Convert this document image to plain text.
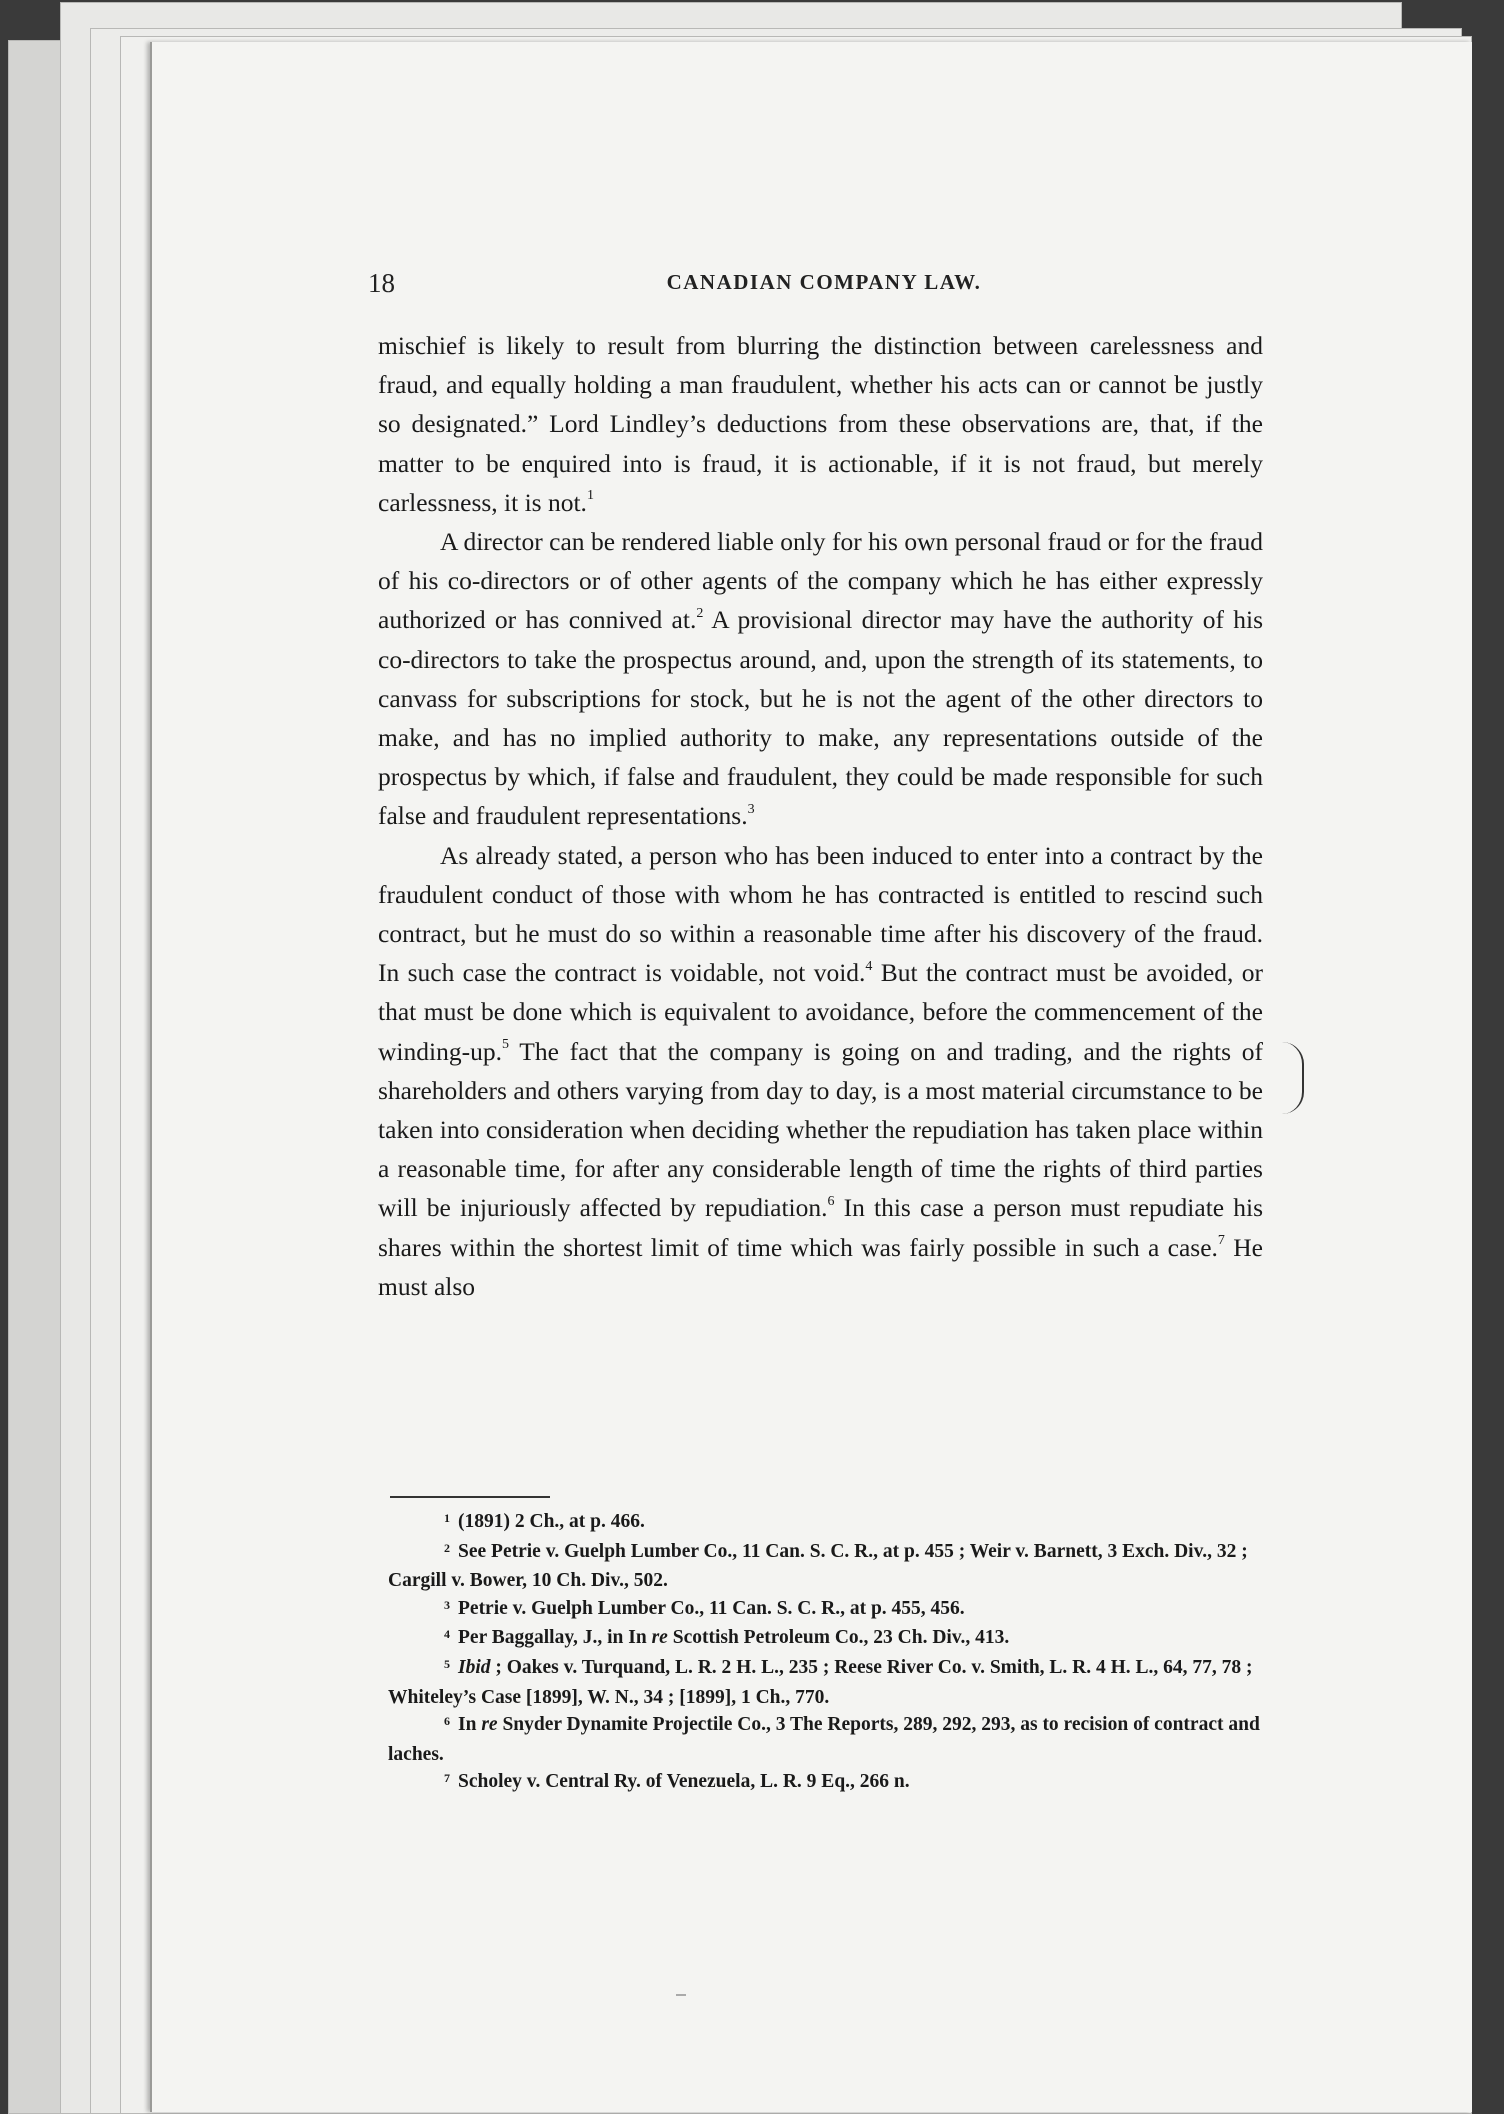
18	CANADIAN COMPANY LAW.

mischief is likely to result from blurring the distinction between carelessness and fraud, and equally holding a man fraudulent, whether his acts can or cannot be justly so designated.” Lord Lindley’s deductions from these observations are, that, if the matter to be enquired into is fraud, it is actionable, if it is not fraud, but merely carlessness, it is not.$^1$

A director can be rendered liable only for his own personal fraud or for the fraud of his co-directors or of other agents of the company which he has either expressly authorized or has connived at.$^2$ A provisional director may have the authority of his co-directors to take the prospectus around, and, upon the strength of its statements, to canvass for subscriptions for stock, but he is not the agent of the other directors to make, and has no implied authority to make, any representations outside of the prospectus by which, if false and fraudulent, they could be made responsible for such false and fraudulent representations.$^3$

As already stated, a person who has been induced to enter into a contract by the fraudulent conduct of those with whom he has contracted is entitled to rescind such contract, but he must do so within a reasonable time after his discovery of the fraud. In such case the contract is voidable, not void.$^4$ But the contract must be avoided, or that must be done which is equivalent to avoidance, before the commencement of the winding-up.$^5$ The fact that the company is going on and trading, and the rights of shareholders and others varying from day to day, is a most material circumstance to be taken into consideration when deciding whether the repudiation has taken place within a reasonable time, for after any considerable length of time the rights of third parties will be injuriously affected by repudiation.$^6$ In this case a person must repudiate his shares within the shortest limit of time which was fairly possible in such a case.$^7$ He must also

$^1$ (1891) 2 Ch., at p. 466.

$^2$ See Petrie v. Guelph Lumber Co., 11 Can. S. C. R., at p. 455 ; Weir v. Barnett, 3 Exch. Div., 32 ; Cargill v. Bower, 10 Ch. Div., 502.

$^3$ Petrie v. Guelph Lumber Co., 11 Can. S. C. R., at p. 455, 456.

$^4$ Per Baggallay, J., in In re Scottish Petroleum Co., 23 Ch. Div., 413.

$^5$ Ibid ; Oakes v. Turquand, L. R. 2 H. L., 235 ; Reese River Co. v. Smith, L. R. 4 H. L., 64, 77, 78 ; Whiteley’s Case [1899], W. N., 34 ; [1899], 1 Ch., 770.

$^6$ In re Snyder Dynamite Projectile Co., 3 The Reports, 289, 292, 293, as to recision of contract and laches.

$^7$ Scholey v. Central Ry. of Venezuela, L. R. 9 Eq., 266 n.
